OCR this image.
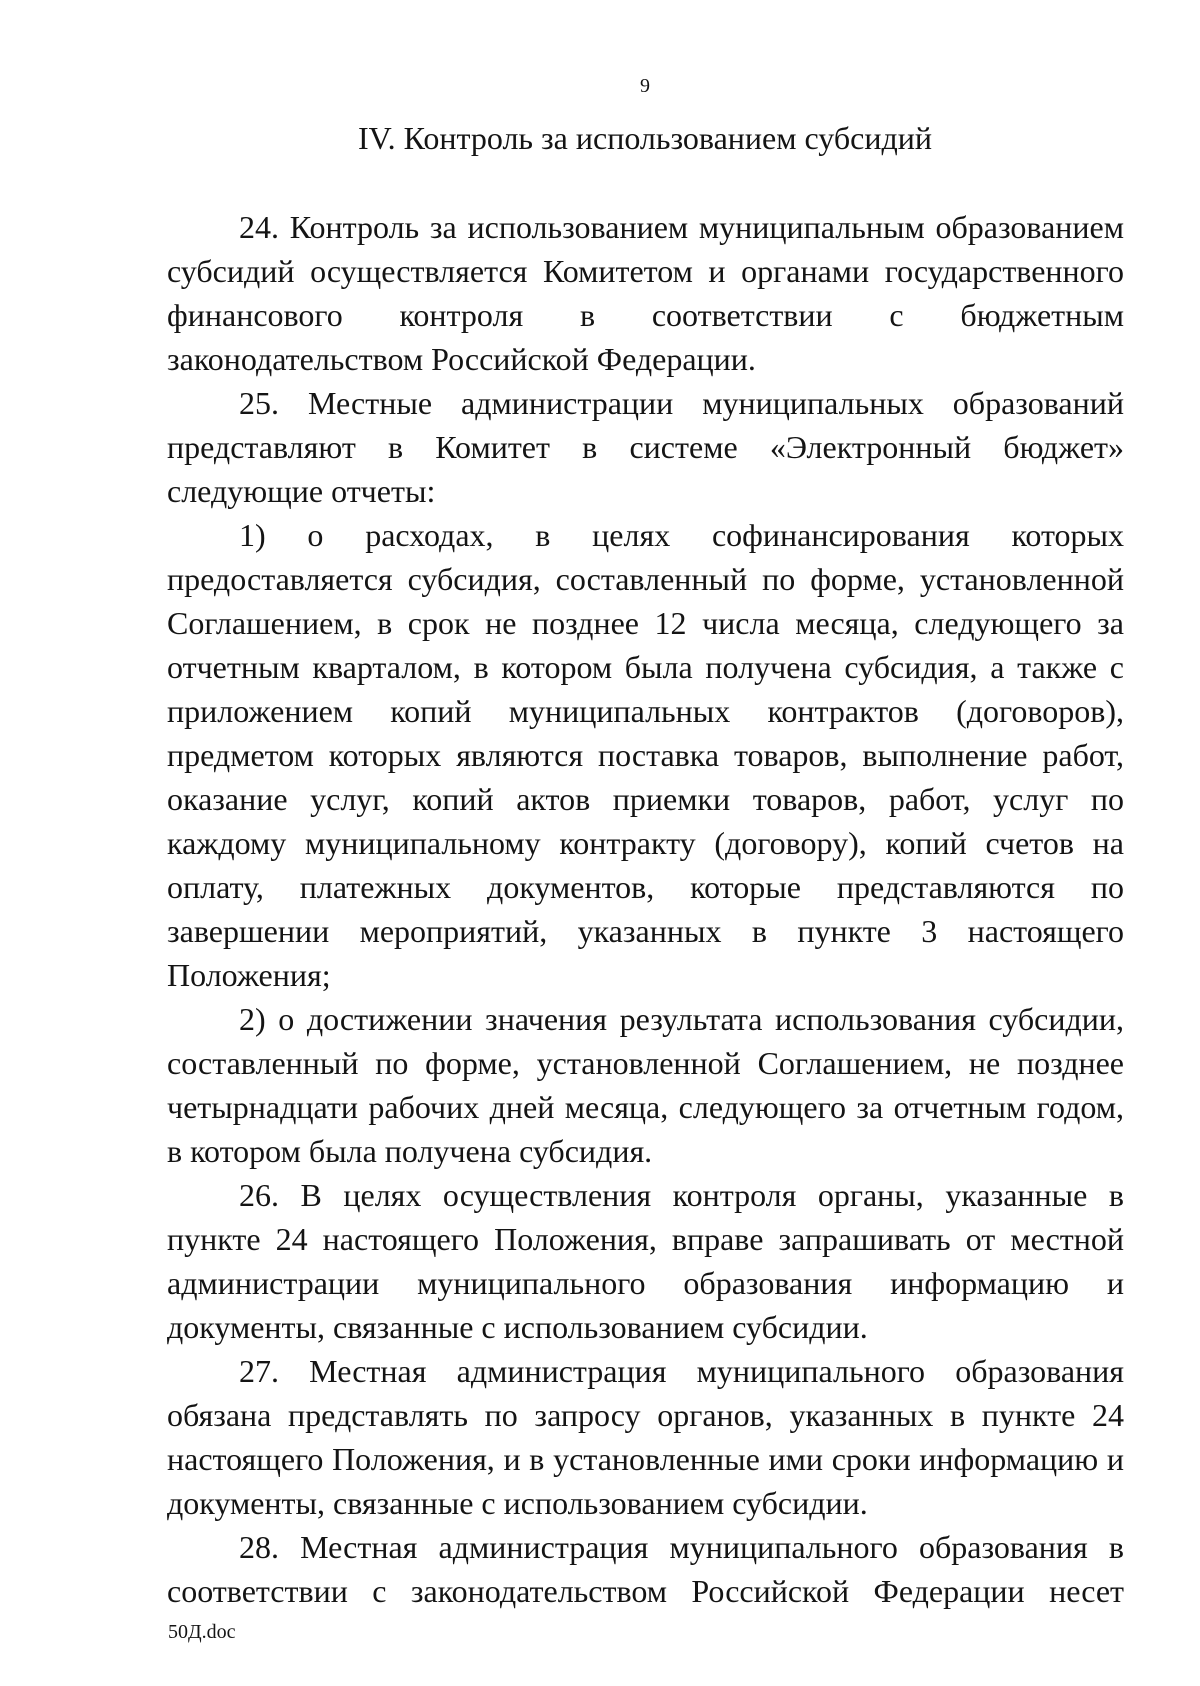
9
IV. Контроль за использованием субсидий

24. Контроль за использованием муниципальным образованием субсидий осуществляется Комитетом и органами государственного финансового контроля в соответствии с бюджетным законодательством Российской Федерации.

25. Местные администрации муниципальных образований представляют в Комитет в системе «Электронный бюджет» следующие отчеты:

1) о расходах, в целях софинансирования которых предоставляется субсидия, составленный по форме, установленной Соглашением, в срок не позднее 12 числа месяца, следующего за отчетным кварталом, в котором была получена субсидия, а также с приложением копий муниципальных контрактов (договоров), предметом которых являются поставка товаров, выполнение работ, оказание услуг, копий актов приемки товаров, работ, услуг по каждому муниципальному контракту (договору), копий счетов на оплату, платежных документов, которые представляются по завершении мероприятий, указанных в пункте 3 настоящего Положения;

2) о достижении значения результата использования субсидии, составленный по форме, установленной Соглашением, не позднее четырнадцати рабочих дней месяца, следующего за отчетным годом, в котором была получена субсидия.

26. В целях осуществления контроля органы, указанные в пункте 24 настоящего Положения, вправе запрашивать от местной администрации муниципального образования информацию и документы, связанные с использованием субсидии.

27. Местная администрация муниципального образования обязана представлять по запросу органов, указанных в пункте 24 настоящего Положения, и в установленные ими сроки информацию и документы, связанные с использованием субсидии.

28. Местная администрация муниципального образования в соответствии с законодательством Российской Федерации несет

50Д.doc
